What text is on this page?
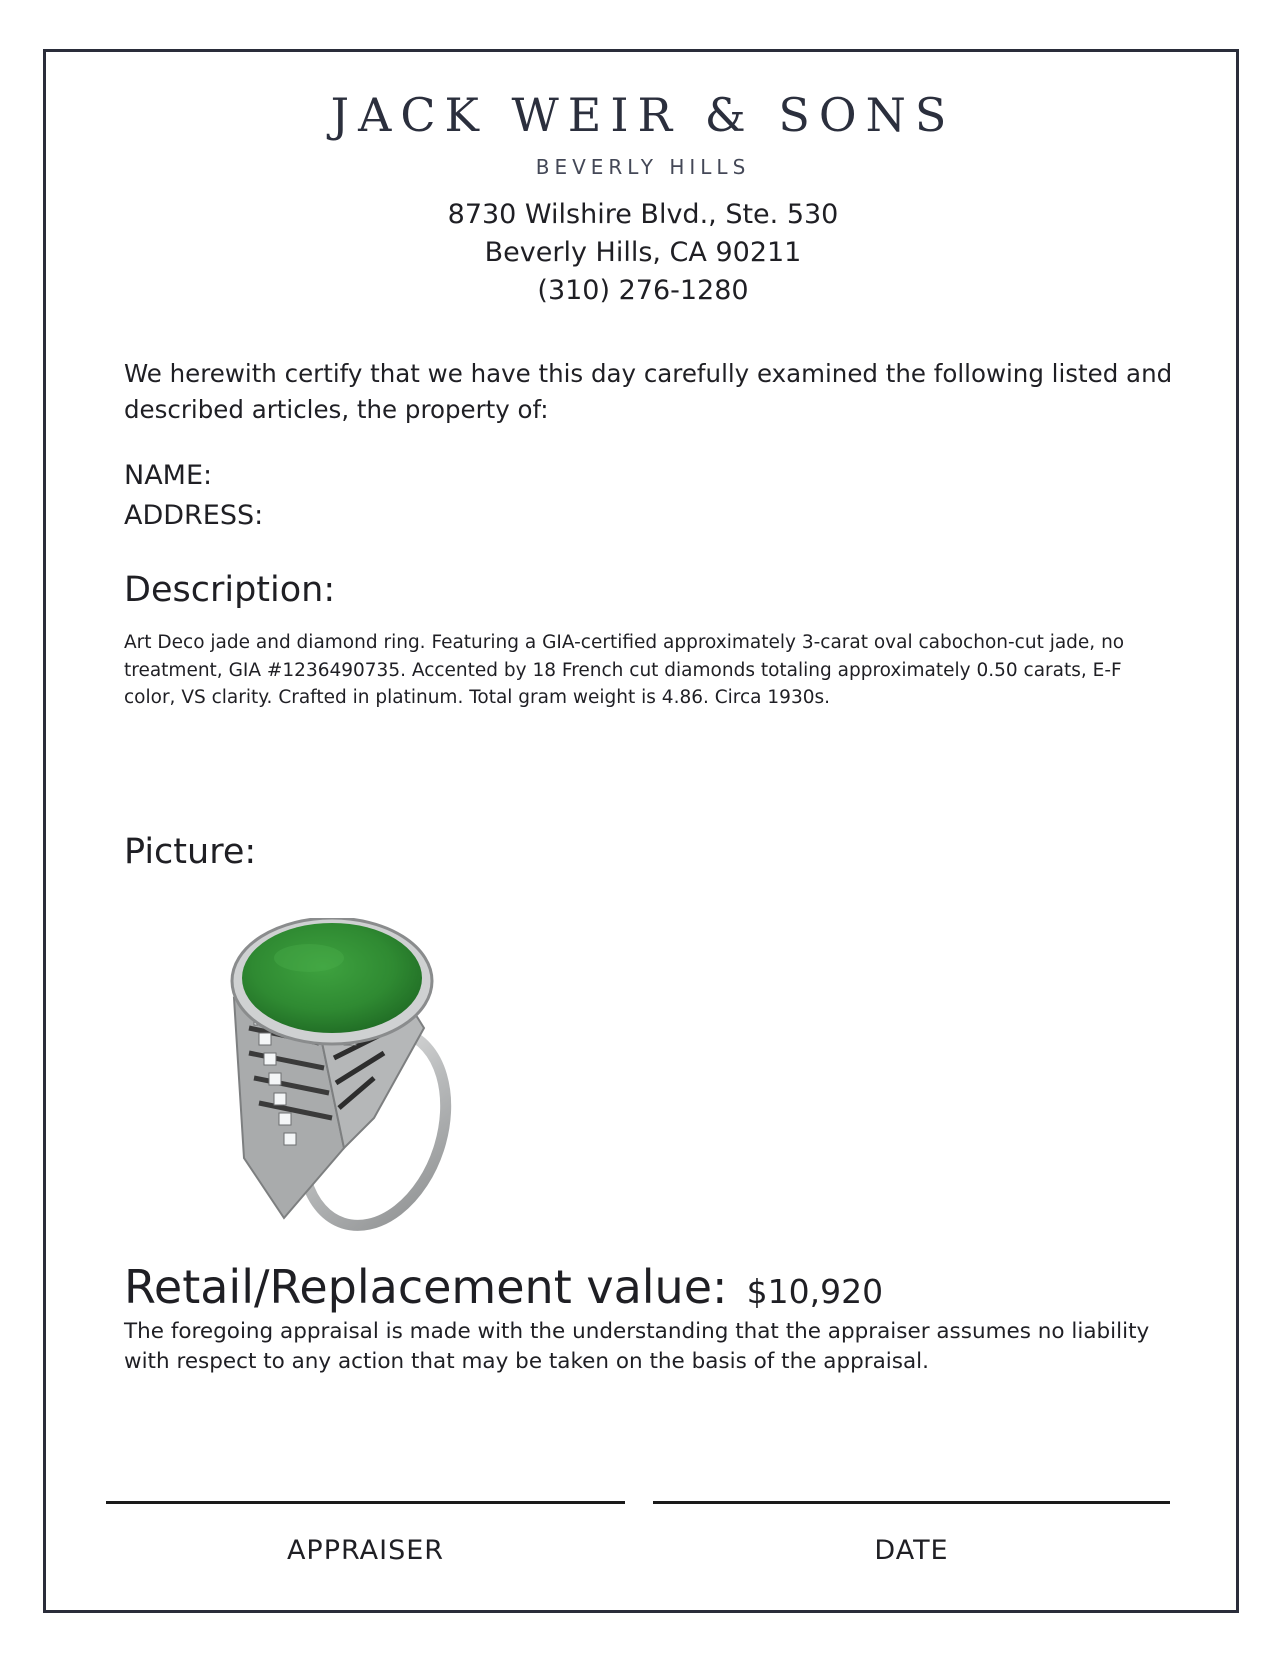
JACK WEIR & SONS
BEVERLY HILLS
8730 Wilshire Blvd., Ste. 530
Beverly Hills, CA 90211
(310) 276-1280
We herewith certify that we have this day carefully examined the following listed and described articles, the property of:
NAME:
ADDRESS:
Description:
Art Deco jade and diamond ring. Featuring a GIA-certified approximately 3-carat oval cabochon-cut jade, no treatment, GIA #1236490735. Accented by 18 French cut diamonds totaling approximately 0.50 carats, E-F color, VS clarity. Crafted in platinum. Total gram weight is 4.86. Circa 1930s.
Picture:
Retail/Replacement value: $10,920
The foregoing appraisal is made with the understanding that the appraiser assumes no liability with respect to any action that may be taken on the basis of the appraisal.
APPRAISER	DATE
